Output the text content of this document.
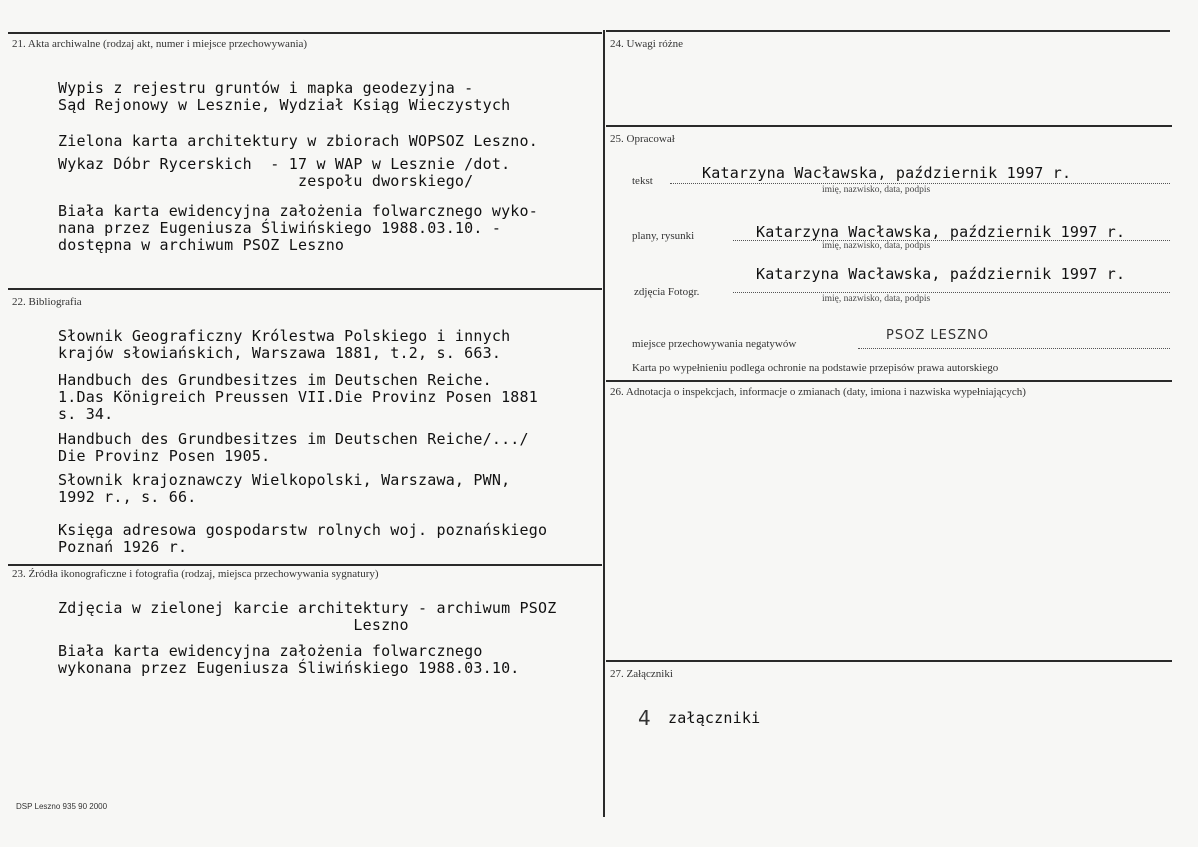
21. Akta archiwalne (rodzaj akt, numer i miejsce przechowywania)
Wypis z rejestru gruntów i mapka geodezyjna -
Sąd Rejonowy w Lesznie, Wydział Ksiąg Wieczystych
Zielona karta architektury w zbiorach WOPSOZ Leszno.
Wykaz Dóbr Rycerskich  - 17 w WAP w Lesznie /dot.
zespołu dworskiego/
Biała karta ewidencyjna założenia folwarcznego wyko-
nana przez Eugeniusza Śliwińskiego 1988.03.10. -
dostępna w archiwum PSOZ Leszno
22. Bibliografia
Słownik Geograficzny Królestwa Polskiego i innych
krajów słowiańskich, Warszawa 1881, t.2, s. 663.
Handbuch des Grundbesitzes im Deutschen Reiche.
1.Das Königreich Preussen VII.Die Provinz Posen 1881
s. 34.
Handbuch des Grundbesitzes im Deutschen Reiche/.../
Die Provinz Posen 1905.
Słownik krajoznawczy Wielkopolski, Warszawa, PWN,
1992 r., s. 66.
Księga adresowa gospodarstw rolnych woj. poznańskiego
Poznań 1926 r.
23. Źródła ikonograficzne i fotografia (rodzaj, miejsca przechowywania sygnatury)
Zdjęcia w zielonej karcie architektury - archiwum PSOZ
Leszno
Biała karta ewidencyjna założenia folwarcznego
wykonana przez Eugeniusza Śliwińskiego 1988.03.10.
DSP Leszno 935 90 2000
24. Uwagi różne
25. Opracował
tekst	Katarzyna Wacławska, październik 1997 r.
imię, nazwisko, data, podpis
plany, rysunki	Katarzyna Wacławska, październik 1997 r.
imię, nazwisko, data, podpis
Katarzyna Wacławska, październik 1997 r.
zdjęcia Fotogr.
imię, nazwisko, data, podpis
miejsce przechowywania negatywów
PSOZ LESZNO
Karta po wypełnieniu podlega ochronie na podstawie przepisów prawa autorskiego
26. Adnotacja o inspekcjach, informacje o zmianach (daty, imiona i nazwiska wypełniających)
27. Załączniki
4 załączniki
